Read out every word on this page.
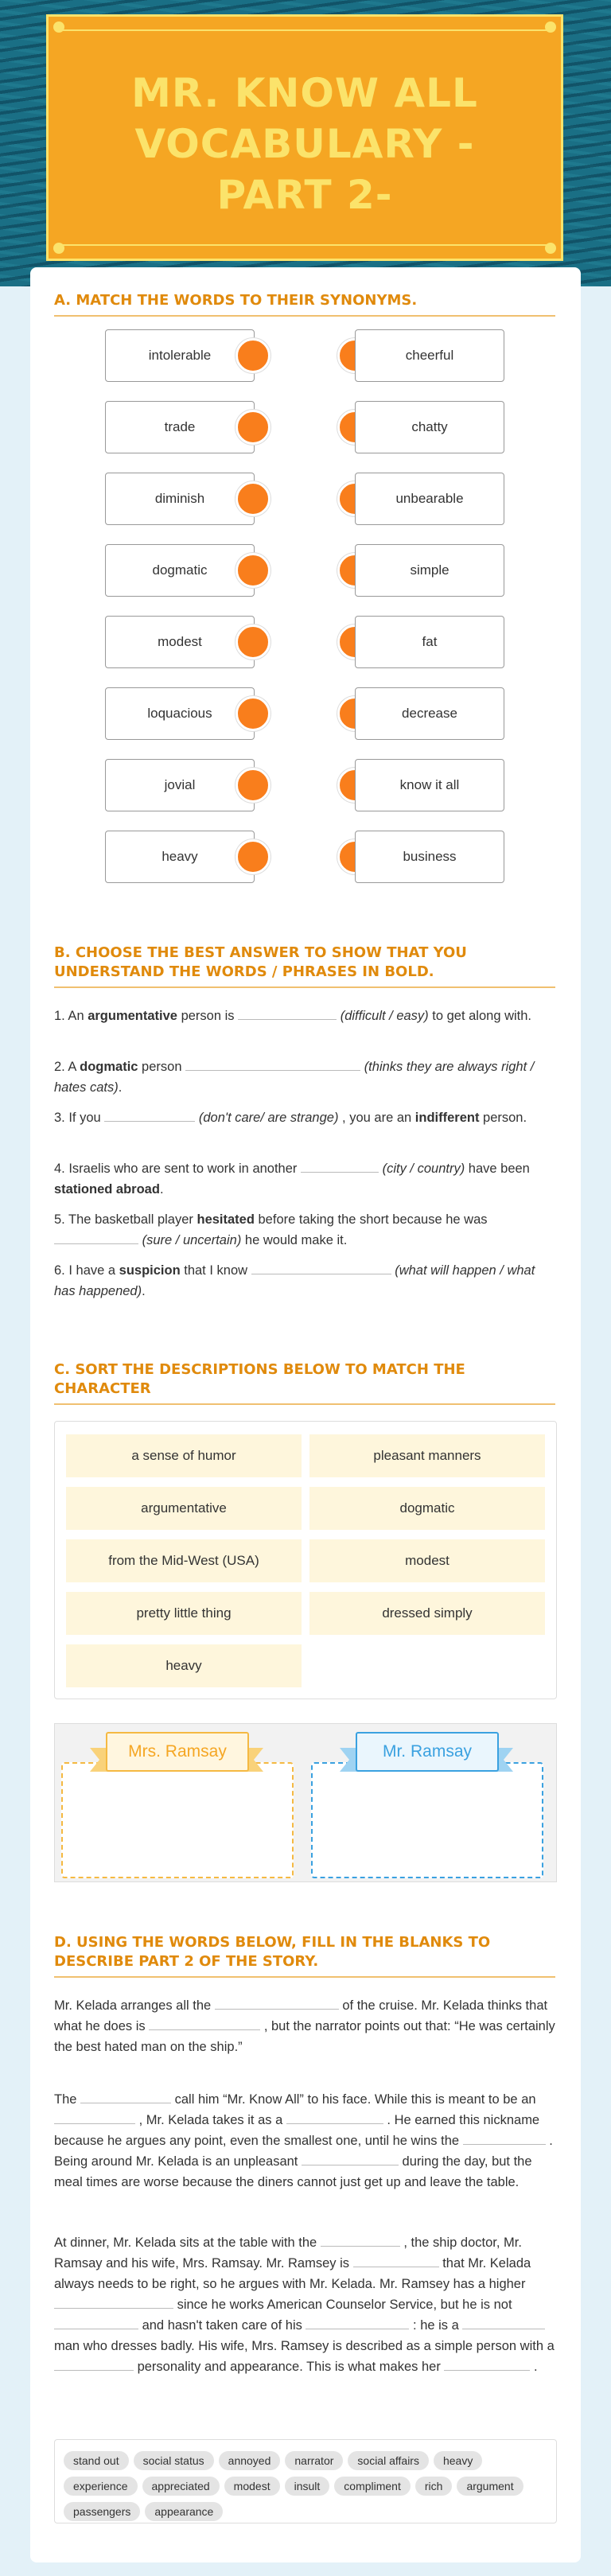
MR. KNOW ALL VOCABULARY -PART 2-
A. MATCH THE WORDS TO THEIR SYNONYMS.
intolerable	cheerful
trade	chatty
diminish	unbearable
dogmatic	simple
modest	fat
loquacious	decrease
jovial	know it all
heavy	business
B. CHOOSE THE BEST ANSWER TO SHOW THAT YOU UNDERSTAND THE WORDS / PHRASES IN BOLD.
1. An argumentative person is	(difficult / easy) to get along with.
2. A dogmatic person	(thinks they are always right / hates cats).
3. If you	(don't care/ are strange) , you are an indifferent person.
4. Israelis who are sent to work in another	(city / country) have been stationed abroad.
5. The basketball player hesitated before taking the short because he was  (sure / uncertain) he would make it.
6. I have a suspicion that I know	(what will happen / what has happened).
C. SORT THE DESCRIPTIONS BELOW TO MATCH THE CHARACTER
a sense of humor	pleasant manners
argumentative	dogmatic
from the Mid-West (USA)	modest
pretty little thing	dressed simply
heavy
Mrs. Ramsay	Mr. Ramsay
D. USING THE WORDS BELOW, FILL IN THE BLANKS TO DESCRIBE PART 2 OF THE STORY.
Mr. Kelada arranges all the	of the cruise. Mr. Kelada thinks that what he does is	, but the narrator points out that: “He was certainly the best hated man on the ship.”
The	call him “Mr. Know All” to his face. While this is meant to be an  , Mr. Kelada takes it as a	. He earned this nickname because he argues any point, even the smallest one, until he wins the	. Being around Mr. Kelada is an unpleasant	during the day, but the meal times are worse because the diners cannot just get up and leave the table.
At dinner, Mr. Kelada sits at the table with the	, the ship doctor, Mr. Ramsay and his wife, Mrs. Ramsay. Mr. Ramsey is	that Mr. Kelada always needs to be right, so he argues with Mr. Kelada. Mr. Ramsey has a higher  since he works American Counselor Service, but he is not  and hasn't taken care of his	: he is a  man who dresses badly. His wife, Mrs. Ramsey is described as a simple person with a  personality and appearance. This is what makes her	.
stand out social status annoyed narrator social affairs heavyexperience appreciated modest insult compliment rich argumentpassengers appearance
